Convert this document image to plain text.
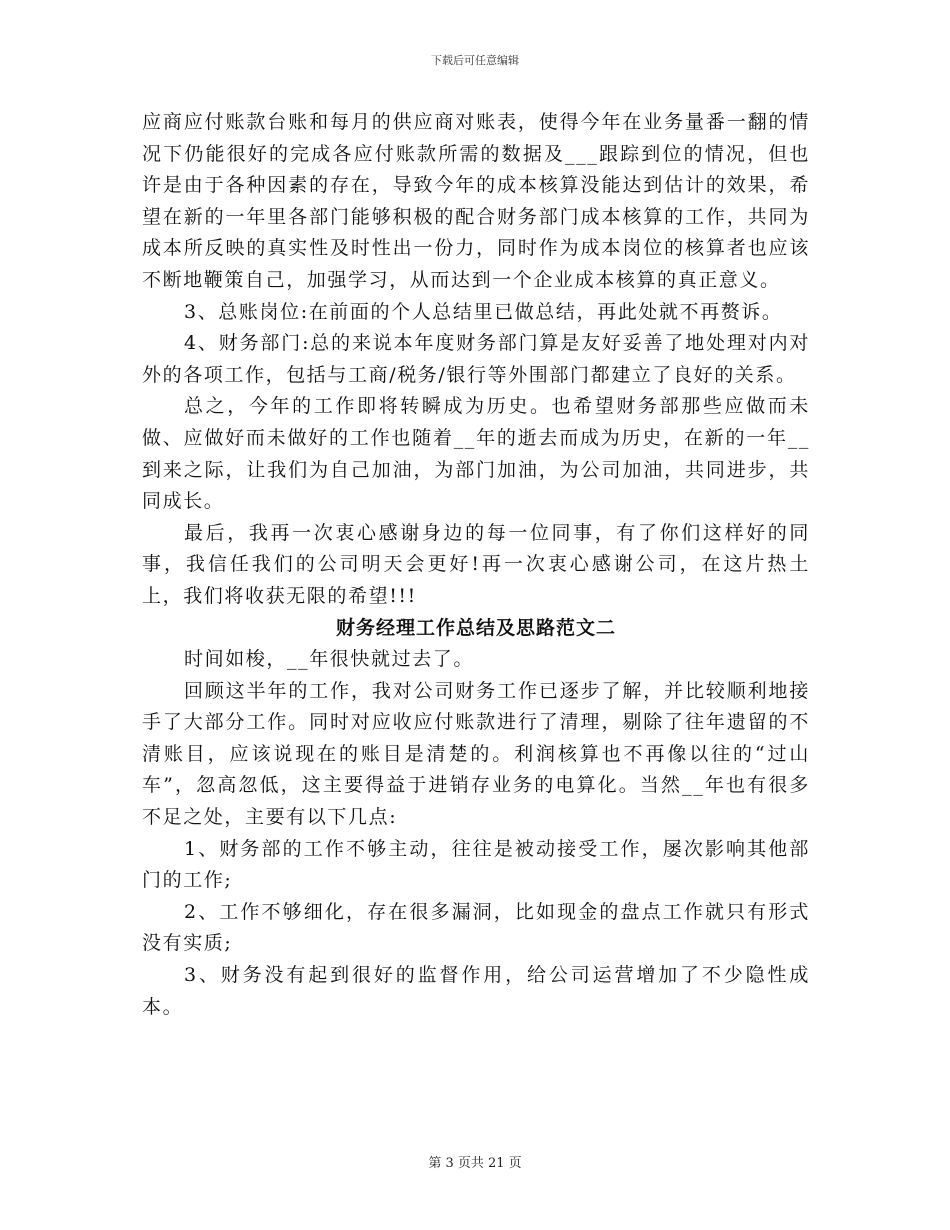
下载后可任意编辑

应商应付账款台账和每月的供应商对账表，使得今年在业务量番一翻的情况下仍能很好的完成各应付账款所需的数据及___跟踪到位的情况，但也许是由于各种因素的存在，导致今年的成本核算没能达到估计的效果，希望在新的一年里各部门能够积极的配合财务部门成本核算的工作，共同为成本所反映的真实性及时性出一份力，同时作为成本岗位的核算者也应该不断地鞭策自己，加强学习，从而达到一个企业成本核算的真正意义。

3、总账岗位:在前面的个人总结里已做总结，再此处就不再赘诉。

4、财务部门:总的来说本年度财务部门算是友好妥善了地处理对内对外的各项工作，包括与工商/税务/银行等外围部门都建立了良好的关系。

总之，今年的工作即将转瞬成为历史。也希望财务部那些应做而未做、应做好而未做好的工作也随着__年的逝去而成为历史，在新的一年__到来之际，让我们为自己加油，为部门加油，为公司加油，共同进步，共同成长。

最后，我再一次衷心感谢身边的每一位同事，有了你们这样好的同事，我信任我们的公司明天会更好!再一次衷心感谢公司，在这片热土上，我们将收获无限的希望!!!

财务经理工作总结及思路范文二

时间如梭，__年很快就过去了。

回顾这半年的工作，我对公司财务工作已逐步了解，并比较顺利地接手了大部分工作。同时对应收应付账款进行了清理，剔除了往年遗留的不清账目，应该说现在的账目是清楚的。利润核算也不再像以往的“过山车”，忽高忽低，这主要得益于进销存业务的电算化。当然__年也有很多不足之处，主要有以下几点:

1、财务部的工作不够主动，往往是被动接受工作，屡次影响其他部门的工作;

2、工作不够细化，存在很多漏洞，比如现金的盘点工作就只有形式没有实质;

3、财务没有起到很好的监督作用，给公司运营增加了不少隐性成本。

第 3 页共 21 页
